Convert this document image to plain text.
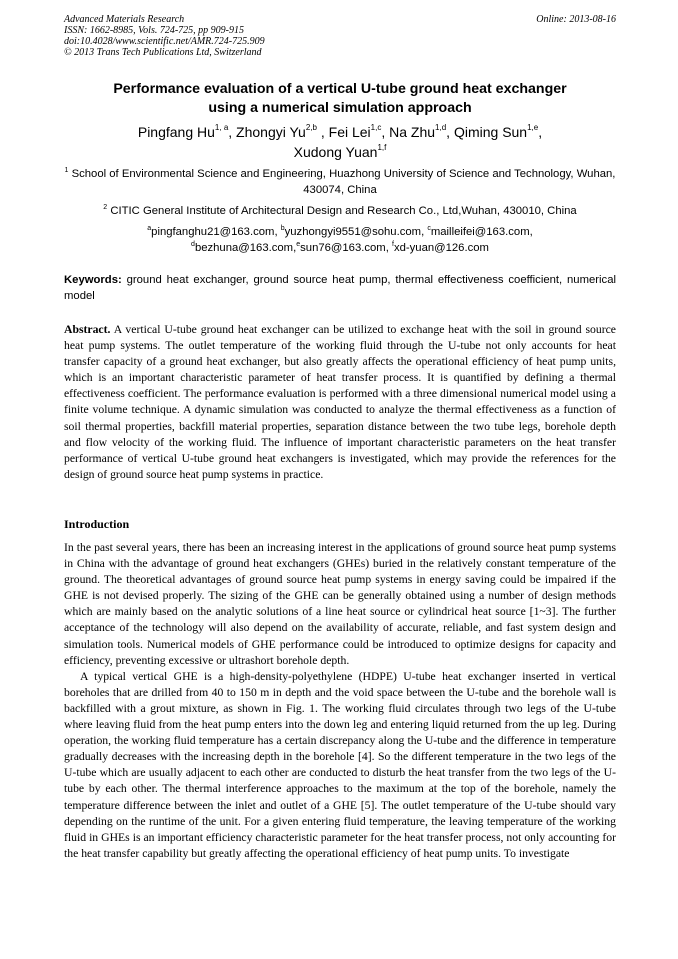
Advanced Materials Research
ISSN: 1662-8985, Vols. 724-725, pp 909-915
doi:10.4028/www.scientific.net/AMR.724-725.909
© 2013 Trans Tech Publications Ltd, Switzerland
Online: 2013-08-16
Performance evaluation of a vertical U-tube ground heat exchanger
using a numerical simulation approach
Pingfang Hu$^{1, a}$, Zhongyi Yu$^{2,b}$ , Fei Lei$^{1,c}$, Na Zhu$^{1,d}$, Qiming Sun$^{1,e}$,
Xudong Yuan$^{1,f}$
$^1$ School of Environmental Science and Engineering, Huazhong University of Science and Technology, Wuhan, 430074, China
$^2$ CITIC General Institute of Architectural Design and Research Co., Ltd,Wuhan, 430010, China
$^a$pingfanghu21@163.com, $^b$yuzhongyi9551@sohu.com, $^c$mailleifei@163.com,
$^d$bezhuna@163.com,$^e$sun76@163.com, $^f$xd-yuan@126.com
Keywords: ground heat exchanger, ground source heat pump, thermal effectiveness coefficient, numerical model
Abstract. A vertical U-tube ground heat exchanger can be utilized to exchange heat with the soil in ground source heat pump systems. The outlet temperature of the working fluid through the U-tube not only accounts for heat transfer capacity of a ground heat exchanger, but also greatly affects the operational efficiency of heat pump units, which is an important characteristic parameter of heat transfer process. It is quantified by defining a thermal effectiveness coefficient. The performance evaluation is performed with a three dimensional numerical model using a finite volume technique. A dynamic simulation was conducted to analyze the thermal effectiveness as a function of soil thermal properties, backfill material properties, separation distance between the two tube legs, borehole depth and flow velocity of the working fluid. The influence of important characteristic parameters on the heat transfer performance of vertical U-tube ground heat exchangers is investigated, which may provide the references for the design of ground source heat pump systems in practice.
Introduction

In the past several years, there has been an increasing interest in the applications of ground source heat pump systems in China with the advantage of ground heat exchangers (GHEs) buried in the relatively constant temperature of the ground. The theoretical advantages of ground source heat pump systems in energy saving could be impaired if the GHE is not devised properly. The sizing of the GHE can be generally obtained using a number of design methods which are mainly based on the analytic solutions of a line heat source or cylindrical heat source [1~3]. The further acceptance of the technology will also depend on the availability of accurate, reliable, and fast system design and simulation tools. Numerical models of GHE performance could be introduced to optimize designs for capacity and efficiency, preventing excessive or ultrashort borehole depth.

A typical vertical GHE is a high-density-polyethylene (HDPE) U-tube heat exchanger inserted in vertical boreholes that are drilled from 40 to 150 m in depth and the void space between the U-tube and the borehole wall is backfilled with a grout mixture, as shown in Fig. 1. The working fluid circulates through two legs of the U-tube where leaving fluid from the heat pump enters into the down leg and entering liquid returned from the up leg. During operation, the working fluid temperature has a certain discrepancy along the U-tube and the difference in temperature gradually decreases with the increasing depth in the borehole [4]. So the different temperature in the two legs of the U-tube which are usually adjacent to each other are conducted to disturb the heat transfer from the two legs of the U-tube by each other. The thermal interference approaches to the maximum at the top of the borehole, namely the temperature difference between the inlet and outlet of a GHE [5]. The outlet temperature of the U-tube should vary depending on the runtime of the unit. For a given entering fluid temperature, the leaving temperature of the working fluid in GHEs is an important efficiency characteristic parameter for the heat transfer process, not only accounting for the heat transfer capability but greatly affecting the operational efficiency of heat pump units. To investigate
